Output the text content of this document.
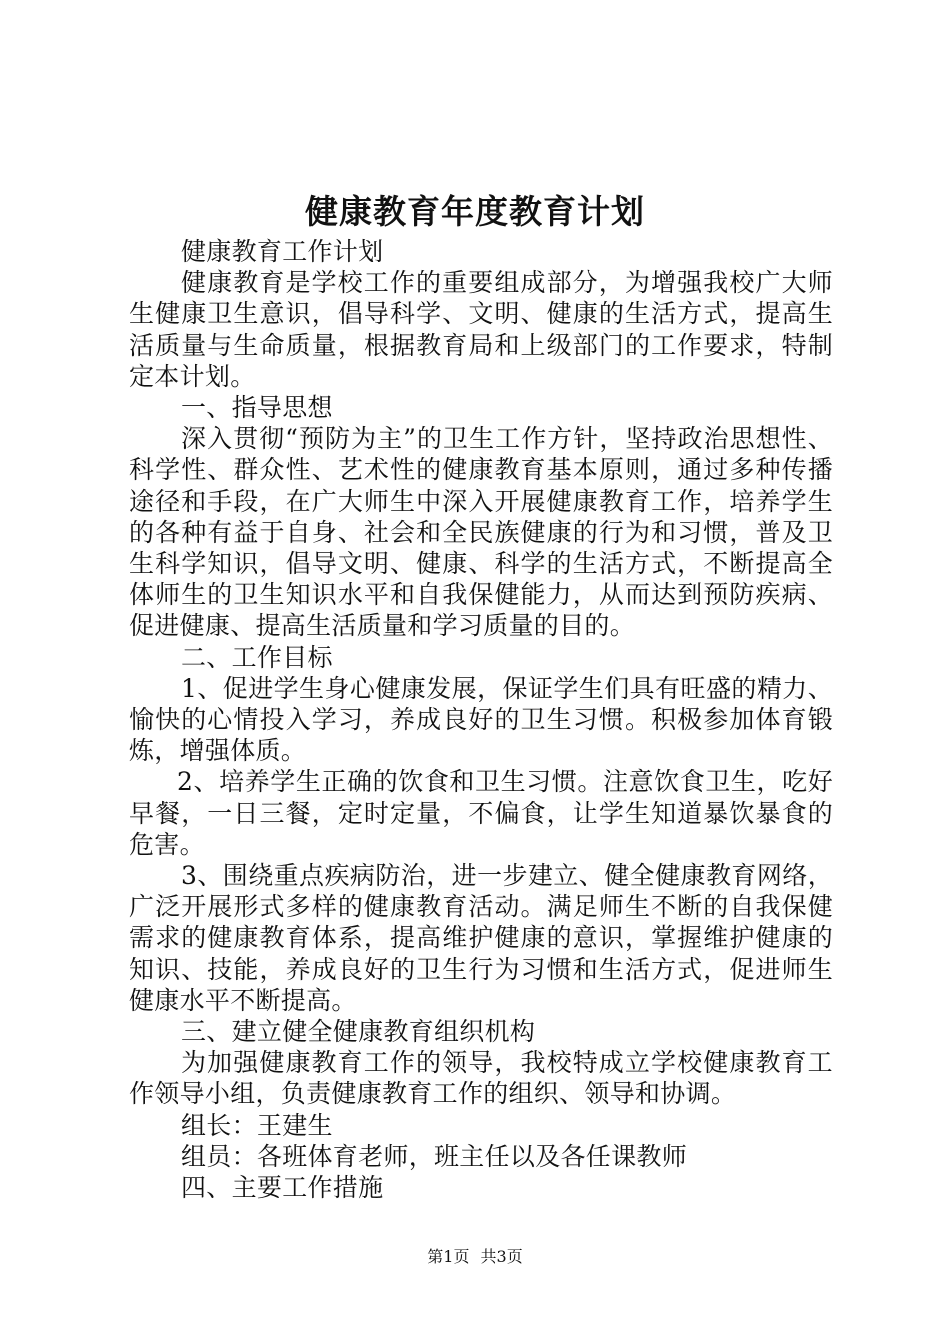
健康教育年度教育计划

健康教育工作计划

健康教育是学校工作的重要组成部分，为增强我校广大师生健康卫生意识，倡导科学、文明、健康的生活方式，提高生活质量与生命质量，根据教育局和上级部门的工作要求，特制定本计划。

一、指导思想

深入贯彻“预防为主”的卫生工作方针，坚持政治思想性、科学性、群众性、艺术性的健康教育基本原则，通过多种传播途径和手段，在广大师生中深入开展健康教育工作，培养学生的各种有益于自身、社会和全民族健康的行为和习惯，普及卫生科学知识，倡导文明、健康、科学的生活方式，不断提高全体师生的卫生知识水平和自我保健能力，从而达到预防疾病、促进健康、提高生活质量和学习质量的目的。

二、工作目标

1、促进学生身心健康发展，保证学生们具有旺盛的精力、愉快的心情投入学习，养成良好的卫生习惯。积极参加体育锻炼，增强体质。

2、培养学生正确的饮食和卫生习惯。注意饮食卫生，吃好早餐，一日三餐，定时定量，不偏食，让学生知道暴饮暴食的危害。

3、围绕重点疾病防治，进一步建立、健全健康教育网络，广泛开展形式多样的健康教育活动。满足师生不断的自我保健需求的健康教育体系，提高维护健康的意识，掌握维护健康的知识、技能，养成良好的卫生行为习惯和生活方式，促进师生健康水平不断提高。

三、建立健全健康教育组织机构

为加强健康教育工作的领导，我校特成立学校健康教育工作领导小组，负责健康教育工作的组织、领导和协调。

组长：王建生

组员：各班体育老师，班主任以及各任课教师

四、主要工作措施

第1页 共3页
